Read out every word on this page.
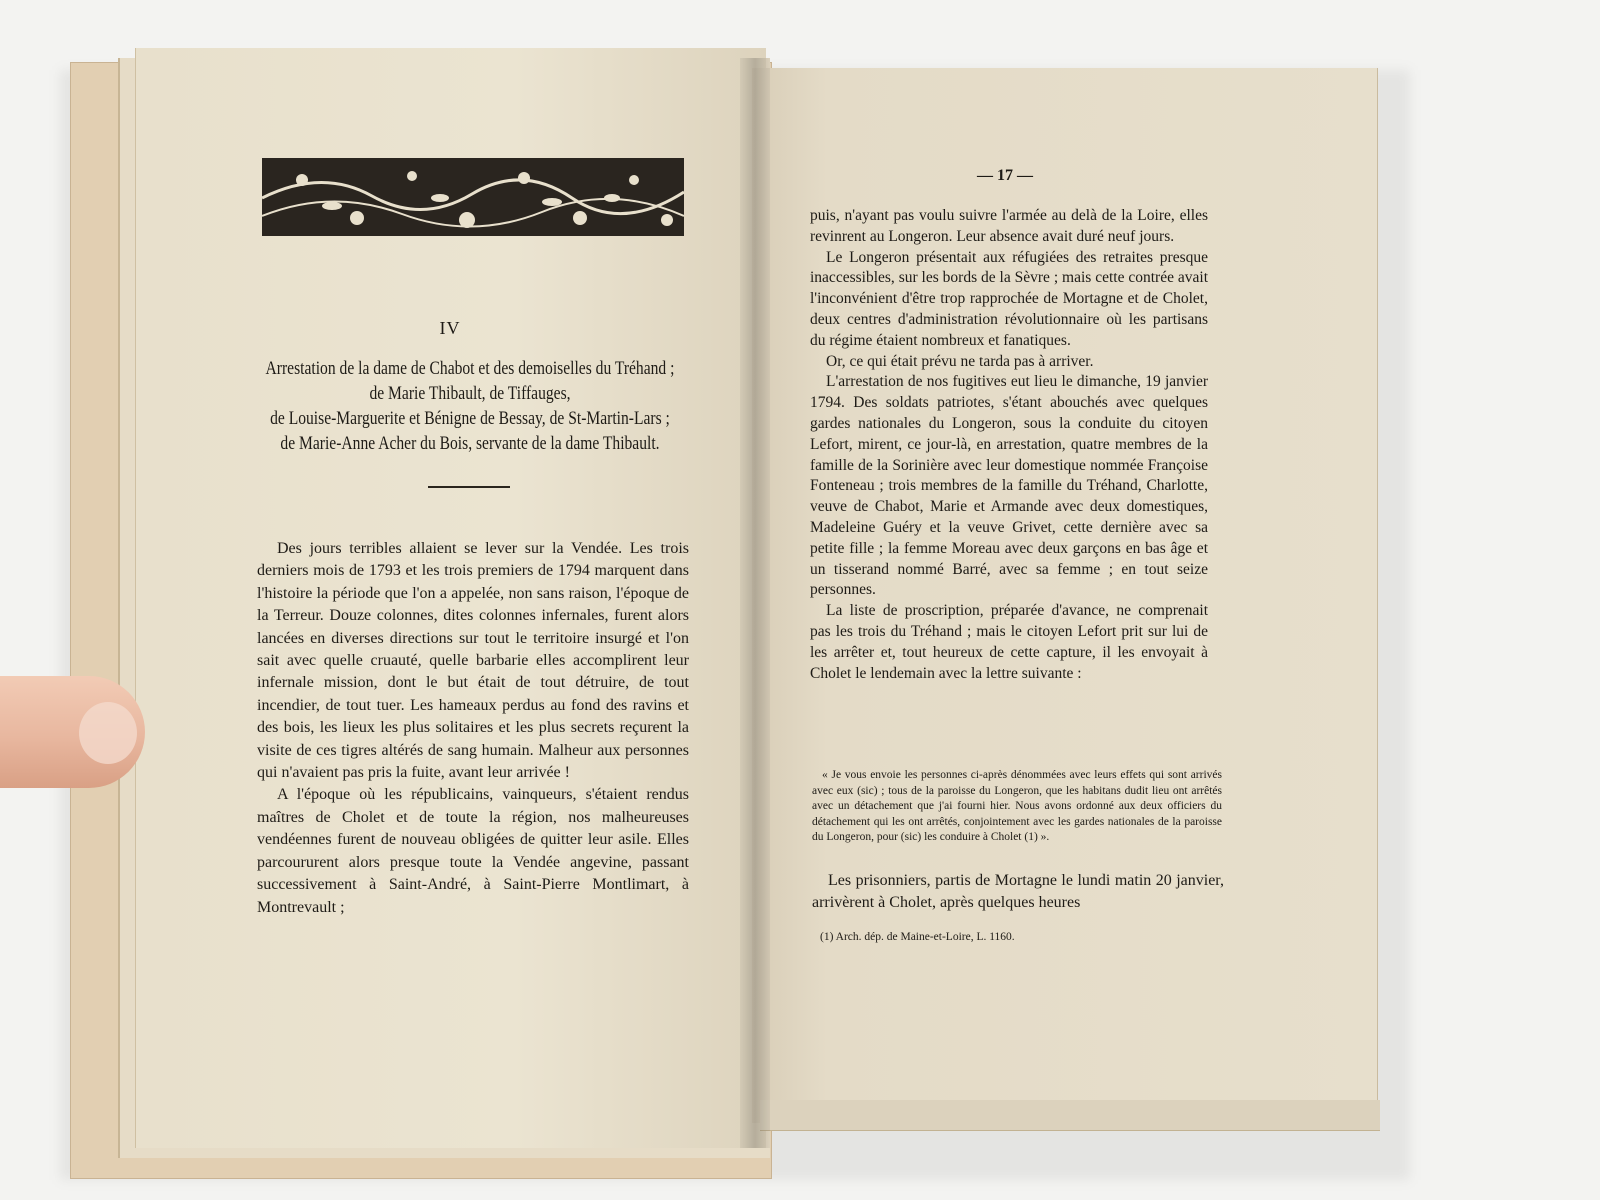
IV
Arrestation de la dame de Chabot et des demoiselles du Tréhand ;
de Marie Thibault, de Tiffauges,
de Louise-Marguerite et Bénigne de Bessay, de St-Martin-Lars ;
de Marie-Anne Acher du Bois, servante de la dame Thibault.

Des jours terribles allaient se lever sur la Vendée. Les trois derniers mois de 1793 et les trois premiers de 1794 marquent dans l'histoire la période que l'on a appelée, non sans raison, l'époque de la Terreur. Douze colonnes, dites colonnes infernales, furent alors lancées en diverses directions sur tout le territoire insurgé et l'on sait avec quelle cruauté, quelle barbarie elles accomplirent leur infernale mission, dont le but était de tout détruire, de tout incendier, de tout tuer. Les hameaux perdus au fond des ravins et des bois, les lieux les plus solitaires et les plus secrets reçurent la visite de ces tigres altérés de sang humain. Malheur aux personnes qui n'avaient pas pris la fuite, avant leur arrivée !

A l'époque où les républicains, vainqueurs, s'étaient rendus maîtres de Cholet et de toute la région, nos malheureuses vendéennes furent de nouveau obligées de quitter leur asile. Elles parcoururent alors presque toute la Vendée angevine, passant successivement à Saint-André, à Saint-Pierre Montlimart, à Montrevault ;

— 17 —

puis, n'ayant pas voulu suivre l'armée au delà de la Loire, elles revinrent au Longeron. Leur absence avait duré neuf jours.

Le Longeron présentait aux réfugiées des retraites presque inaccessibles, sur les bords de la Sèvre ; mais cette contrée avait l'inconvénient d'être trop rapprochée de Mortagne et de Cholet, deux centres d'administration révolutionnaire où les partisans du régime étaient nombreux et fanatiques.

Or, ce qui était prévu ne tarda pas à arriver.

L'arrestation de nos fugitives eut lieu le dimanche, 19 janvier 1794. Des soldats patriotes, s'étant abouchés avec quelques gardes nationales du Longeron, sous la conduite du citoyen Lefort, mirent, ce jour-là, en arrestation, quatre membres de la famille de la Sorinière avec leur domestique nommée Françoise Fonteneau ; trois membres de la famille du Tréhand, Charlotte, veuve de Chabot, Marie et Armande avec deux domestiques, Madeleine Guéry et la veuve Grivet, cette dernière avec sa petite fille ; la femme Moreau avec deux garçons en bas âge et un tisserand nommé Barré, avec sa femme ; en tout seize personnes.

La liste de proscription, préparée d'avance, ne comprenait pas les trois du Tréhand ; mais le citoyen Lefort prit sur lui de les arrêter et, tout heureux de cette capture, il les envoyait à Cholet le lendemain avec la lettre suivante :

« Je vous envoie les personnes ci-après dénommées avec leurs effets qui sont arrivés avec eux (sic) ; tous de la paroisse du Longeron, que les habitans dudit lieu ont arrêtés avec un détachement que j'ai fourni hier. Nous avons ordonné aux deux officiers du détachement qui les ont arrêtés, conjointement avec les gardes nationales de la paroisse du Longeron, pour (sic) les conduire à Cholet (1) ».

Les prisonniers, partis de Mortagne le lundi matin 20 janvier, arrivèrent à Cholet, après quelques heures

(1) Arch. dép. de Maine-et-Loire, L. 1160.
